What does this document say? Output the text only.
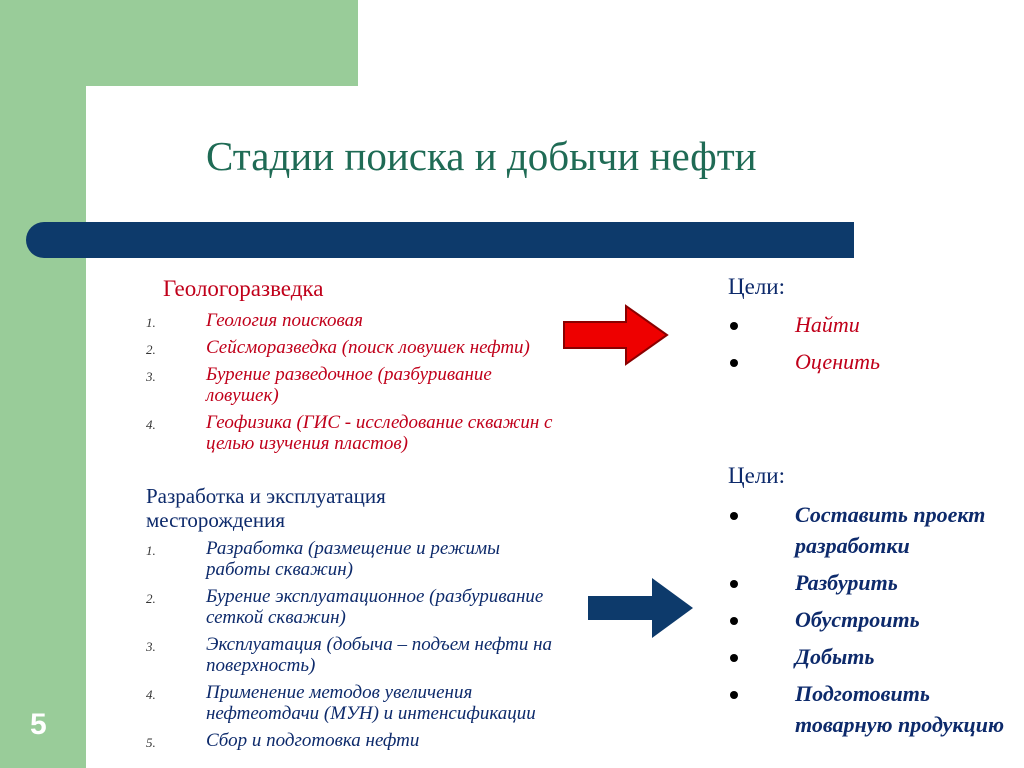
5
Стадии поиска и добычи нефти
Геологоразведка
1.	Геология поисковая
2.	Сейсморазведка (поиск ловушек нефти)
3.	Бурение разведочное (разбуривание ловушек)
4.	Геофизика (ГИС - исследование скважин с целью изучения пластов)
Разработка и эксплуатация месторождения
1.	Разработка (размещение и режимы работы скважин)
2.	Бурение эксплуатационное (разбуривание сеткой скважин)
3.	Эксплуатация (добыча – подъем нефти на поверхность)
4.	Применение методов увеличения нефтеотдачи (МУН) и интенсификации
5.	Сбор и подготовка нефти
Цели:
Найти
Оценить
Цели:
Составить проект разработки
Разбурить
Обустроить
Добыть
Подготовить товарную продукцию
